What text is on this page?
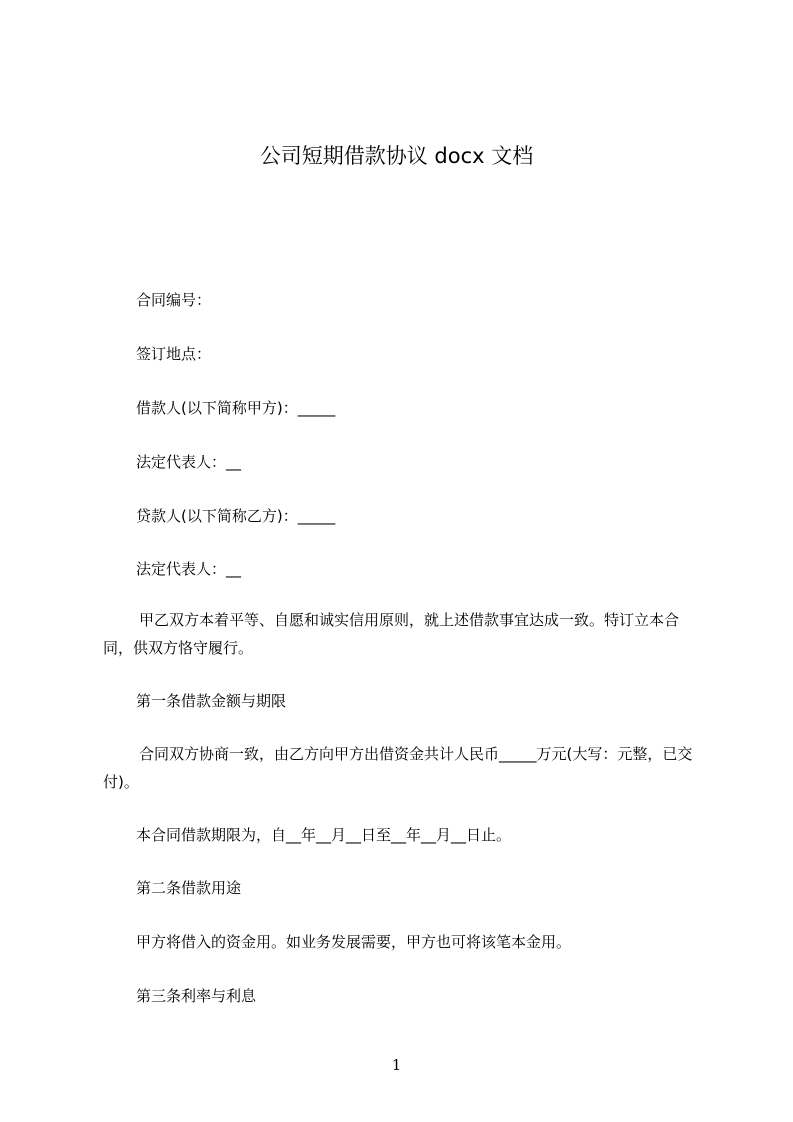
公司短期借款协议 docx 文档
合同编号：
签订地点：
借款人(以下简称甲方)：_____
法定代表人：__
贷款人(以下简称乙方)：_____
法定代表人：__
甲乙双方本着平等、自愿和诚实信用原则，就上述借款事宜达成一致。特订立本合同，供双方恪守履行。
第一条借款金额与期限
合同双方协商一致，由乙方向甲方出借资金共计人民币_____万元(大写：元整，已交付)。
本合同借款期限为，自__年__月__日至__年__月__日止。
第二条借款用途
甲方将借入的资金用。如业务发展需要，甲方也可将该笔本金用。
第三条利率与利息
1
